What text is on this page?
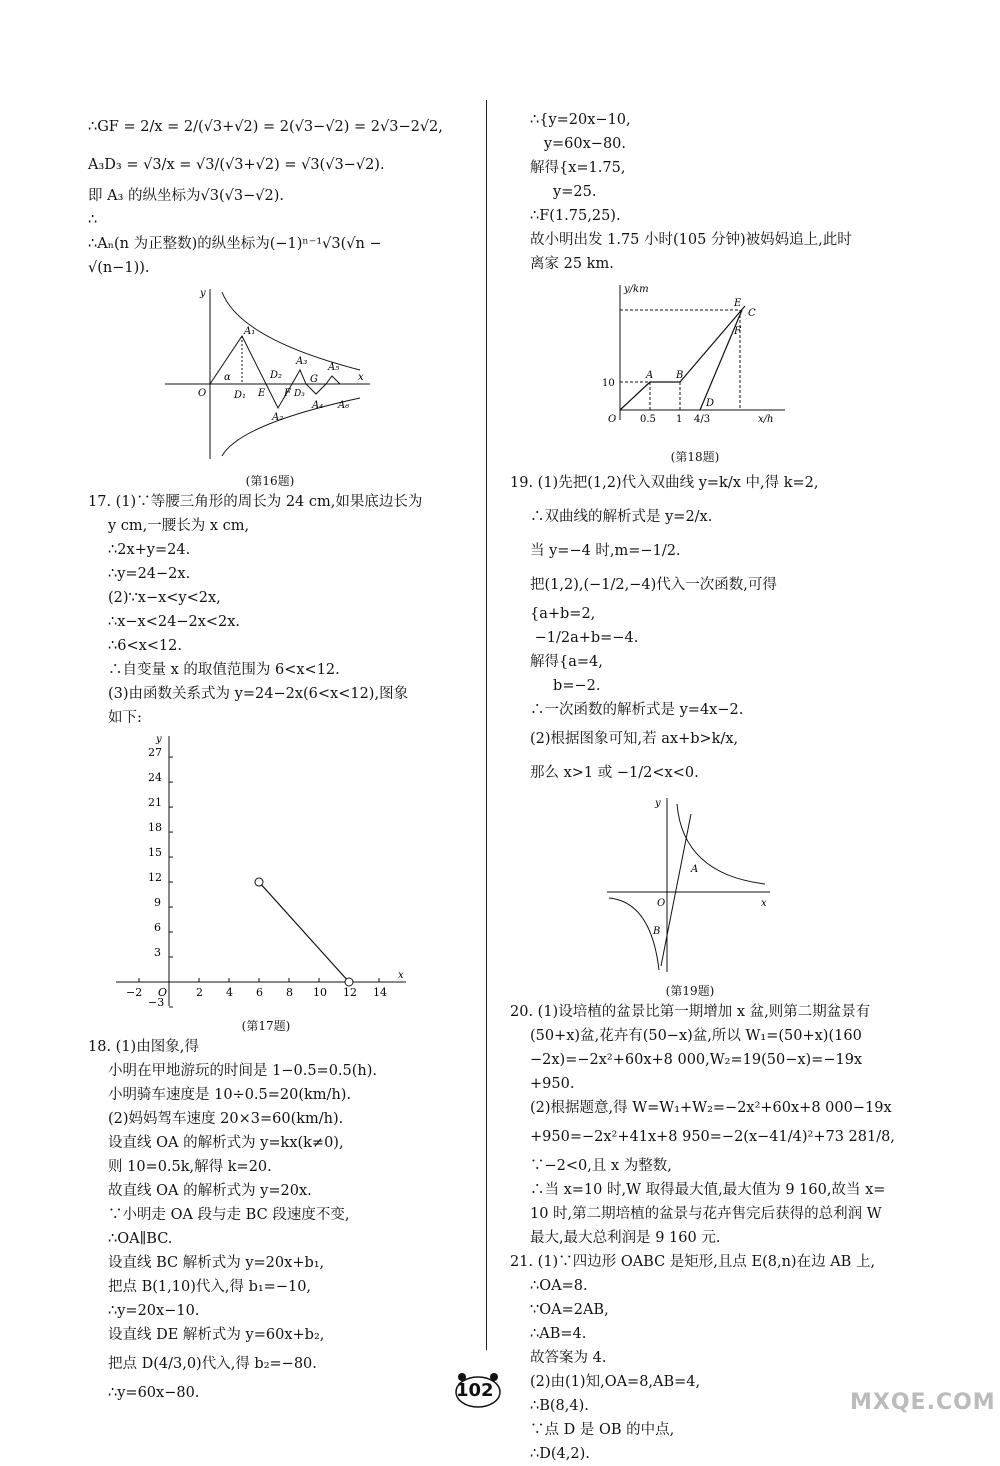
∴GF = 2/x = 2/(√3+√2) = 2(√3−√2) = 2√3−2√2,
A₃D₃ = √3/x = √3/(√3+√2) = √3(√3−√2).
即 A₃ 的纵坐标为√3(√3−√2).
∴
∴Aₙ(n 为正整数)的纵坐标为(−1)ⁿ⁻¹√3(√n −
√(n−1)).
y
A₁
α
O	D₁ E
D₂
A₂
F D₃
A₃
G
A₅
A₄ A₆
x
(第16题)
17. (1)∵等腰三角形的周长为 24 cm,如果底边长为
y cm,一腰长为 x cm,
∴2x+y=24.
∴y=24−2x.
(2)∵x−x<y<2x,
∴x−x<24−2x<2x.
∴6<x<12.
∴自变量 x 的取值范围为 6<x<12.
(3)由函数关系式为 y=24−2x(6<x<12),图象
如下:
y
x
27
24
21
18
15
12
9
6
3
−3
−2 O	2 4 6 8 10 12 14
(第17题)
18. (1)由图象,得
小明在甲地游玩的时间是 1−0.5=0.5(h).
小明骑车速度是 10÷0.5=20(km/h).
(2)妈妈驾车速度 20×3=60(km/h).
设直线 OA 的解析式为 y=kx(k≠0),
则 10=0.5k,解得 k=20.
故直线 OA 的解析式为 y=20x.
∵小明走 OA 段与走 BC 段速度不变,
∴OA∥BC.
设直线 BC 解析式为 y=20x+b₁,
把点 B(1,10)代入,得 b₁=−10,
∴y=20x−10.
设直线 DE 解析式为 y=60x+b₂,
把点 D(4/3,0)代入,得 b₂=−80.
∴y=60x−80.
∴{y=20x−10,
y=60x−80.
解得{x=1.75,
y=25.
∴F(1.75,25).
故小明出发 1.75 小时(105 分钟)被妈妈追上,此时
离家 25 km.
y/km
E
C
F
10
A B
D
O 0.5 1 4/3	x/h
(第18题)
19. (1)先把(1,2)代入双曲线 y=k/x 中,得 k=2,
∴双曲线的解析式是 y=2/x.
当 y=−4 时,m=−1/2.
把(1,2),(−1/2,−4)代入一次函数,可得
{a+b=2,
−1/2a+b=−4.
解得{a=4,
b=−2.
∴一次函数的解析式是 y=4x−2.
(2)根据图象可知,若 ax+b>k/x,
那么 x>1 或 −1/2<x<0.
y
A
O	x
B
(第19题)
20. (1)设培植的盆景比第一期增加 x 盆,则第二期盆景有
(50+x)盆,花卉有(50−x)盆,所以 W₁=(50+x)(160
−2x)=−2x²+60x+8 000,W₂=19(50−x)=−19x
+950.
(2)根据题意,得 W=W₁+W₂=−2x²+60x+8 000−19x
+950=−2x²+41x+8 950=−2(x−41/4)²+73 281/8,
∵−2<0,且 x 为整数,
∴当 x=10 时,W 取得最大值,最大值为 9 160,故当 x=
10 时,第二期培植的盆景与花卉售完后获得的总利润 W
最大,最大总利润是 9 160 元.
21. (1)∵四边形 OABC 是矩形,且点 E(8,n)在边 AB 上,
∴OA=8.
∵OA=2AB,
∴AB=4.
故答案为 4.
(2)由(1)知,OA=8,AB=4,
∴B(8,4).
∵点 D 是 OB 的中点,
∴D(4,2).
102	MXQE.COM
